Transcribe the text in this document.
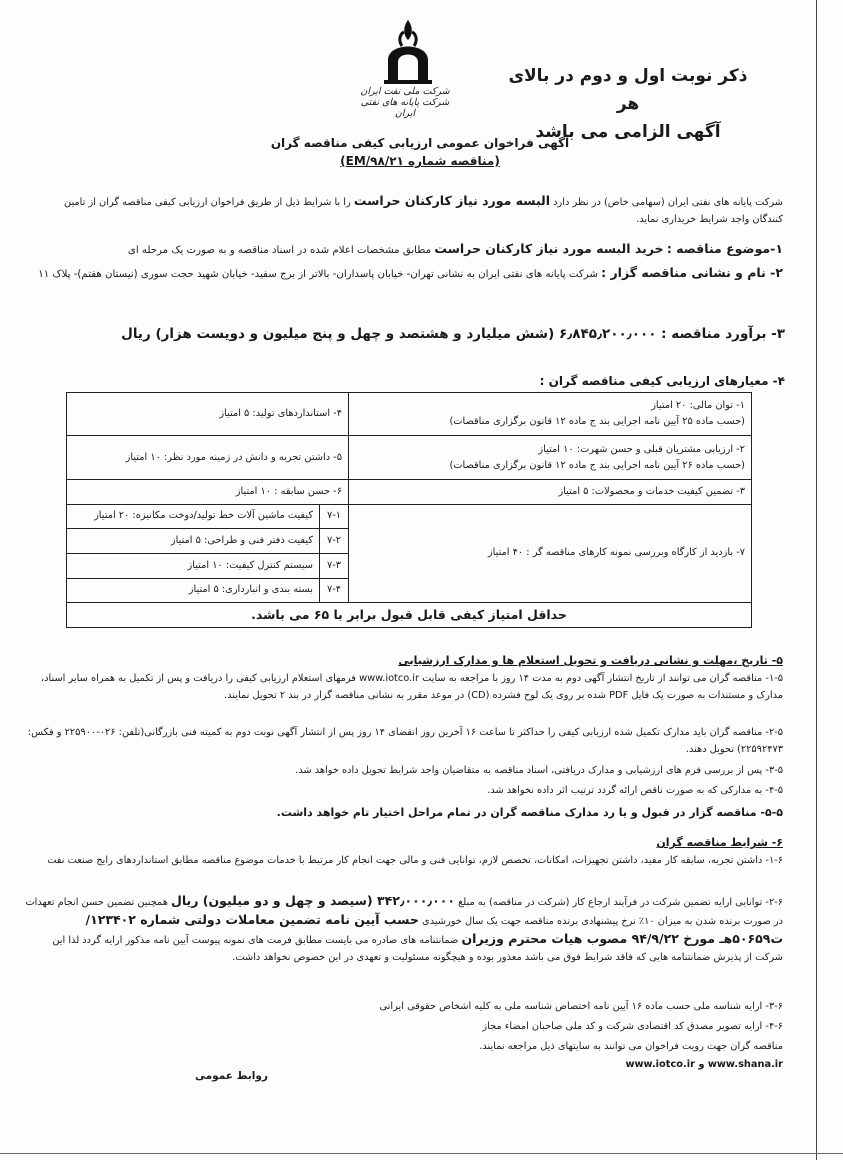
شرکت ملی نفت ایران
شرکت پایانه های نفتی ایران
ذکر نوبت اول و دوم در بالای هر
آگهی الزامی می باشد
آگهی فراخوان عمومی ارزیابی کیفی مناقصه گران
(مناقصه شماره ۹۸/۲۱/EM)
شرکت پایانه های نفتی ایران (سهامی خاص) در نظر دارد البسه مورد نیاز کارکنان حراست را با شرایط ذیل از طریق فراخوان ارزیابی کیفی مناقصه گران از تامین کنندگان واجد شرایط خریداری نماید.
۱-موضوع مناقصه : خرید البسه مورد نیاز کارکنان حراست مطابق مشخصات اعلام شده در اسناد مناقصه و به صورت یک مرحله ای
۲- نام و نشانی مناقصه گزار : شرکت پایانه های نفتی ایران به نشانی تهران- خیابان پاسداران- بالاتر از برج سفید- خیابان شهید حجت سوری (نیستان هفتم)- پلاک ۱۱
۳- برآورد مناقصه : ۶٫۸۴۵٫۲۰۰٫۰۰۰ (شش میلیارد و هشتصد و چهل و پنج میلیون و دویست هزار) ریال
۴- معیارهای ارزیابی کیفی مناقصه گران :
۱- توان مالی: ۲۰ امتیاز
(حسب ماده ۲۵ آیین نامه اجرایی بند ج ماده ۱۲ قانون برگزاری مناقصات)	۴- استانداردهای تولید: ۵ امتیاز	

۲- ارزیابی مشتریان قبلی و حسن شهرت: ۱۰ امتیاز
(حسب ماده ۲۶ آیین نامه اجرایی بند ج ماده ۱۲ قانون برگزاری مناقصات)	۵- داشتن تجربه و دانش در زمینه مورد نظر: ۱۰ امتیاز	
۳- تضمین کیفیت خدمات و محصولات: ۵ امتیاز	۶- حسن سابقه : ۱۰ امتیاز	
۷- بازدید از کارگاه وبررسی نمونه کارهای مناقصه گر : ۴۰ امتیاز	۷-۱	کیفیت ماشین آلات خط تولید/دوخت مکانیزه: ۲۰ امتیاز
	۷-۲	کیفیت دفتر فنی و طراحی: ۵ امتیاز
	۷-۳	سیستم کنترل کیفیت: ۱۰ امتیاز
	۷-۴	بسته بندی و انبارداری: ۵ امتیاز
حداقل امتیاز کیفی قابل قبول برابر با ۶۵ می باشد.		
۵- تاریخ ،مهلت و نشانی دریافت و تحویل استعلام ها و مدارک ارزشیابی
۱-۵- مناقصه گران می توانند از تاریخ انتشار آگهی دوم به مدت ۱۴ روز با مراجعه به سایت www.iotco.ir فرمهای استعلام ارزیابی کیفی را دریافت و پس از تکمیل به همراه سایر اسناد، مدارک و مستندات به صورت یک فایل PDF شده بر روی یک لوح فشرده (CD) در موعد مقرر به نشانی مناقصه گزار در بند ۲ تحویل نمایند.
۲-۵- مناقصه گران باید مدارک تکمیل شده ارزیابی کیفی را حداکثر تا ساعت ۱۶ آخرین روز انقضای ۱۴ روز پس از انتشار آگهی نوبت دوم به کمیته فنی بازرگانی(تلفن: ۰۲۶-۲۲۵۹۰۰ و فکس: ۲۲۵۹۲۴۷۳) تحویل دهند.
۳-۵- پس از بررسی فرم های ارزشیابی و مدارک دریافتی، اسناد مناقصه به متقاضیان واجد شرایط تحویل داده خواهد شد.
۴-۵- به مدارکی که به صورت ناقص ارائه گردد ترتیب اثر داده نخواهد شد.
۵-۵- مناقصه گزار در قبول و یا رد مدارک مناقصه گران در تمام مراحل اختیار تام خواهد داشت.
۶- شرایط مناقصه گران
۱-۶- داشتن تجربه، سابقه کار مفید، داشتن تجهیزات، امکانات، تخصص لازم، توانایی فنی و مالی جهت انجام کار مرتبط با خدمات موضوع مناقصه مطابق استانداردهای رایج صنعت نفت
۲-۶- توانایی ارایه تضمین شرکت در فرآیند ارجاع کار (شرکت در مناقصه) به مبلغ ۳۴۲٫۰۰۰٫۰۰۰ (سیصد و چهل و دو میلیون) ریال همچنین تضمین حسن انجام تعهدات در صورت برنده شدن به میزان ۱۰٪ نرخ پیشنهادی برنده مناقصه جهت یک سال خورشیدی حسب آیین نامه تضمین معاملات دولتی شماره ۱۲۳۴۰۲/ت۵۰۶۵۹هـ مورخ ۹۴/۹/۲۲ مصوب هیات محترم وزیران ضمانتنامه های صادره می بایست مطابق فرمت های نمونه پیوست آیین نامه مذکور ارایه گردد لذا این شرکت از پذیرش ضمانتنامه هایی که فاقد شرایط فوق می باشد معذور بوده و هیچگونه مسئولیت و تعهدی در این خصوص نخواهد داشت.
۳-۶- ارایه شناسه ملی حسب ماده ۱۶ آیین نامه اختصاص شناسه ملی به کلیه اشخاص حقوقی ایرانی
۴-۶- ارایه تصویر مصدق کد اقتصادی شرکت و کد ملی صاحبان امضاء مجاز
مناقصه گران جهت رویت فراخوان می توانند به سایتهای ذیل مراجعه نمایند.
www.shana.ir و www.iotco.ir
روابط عمومی
